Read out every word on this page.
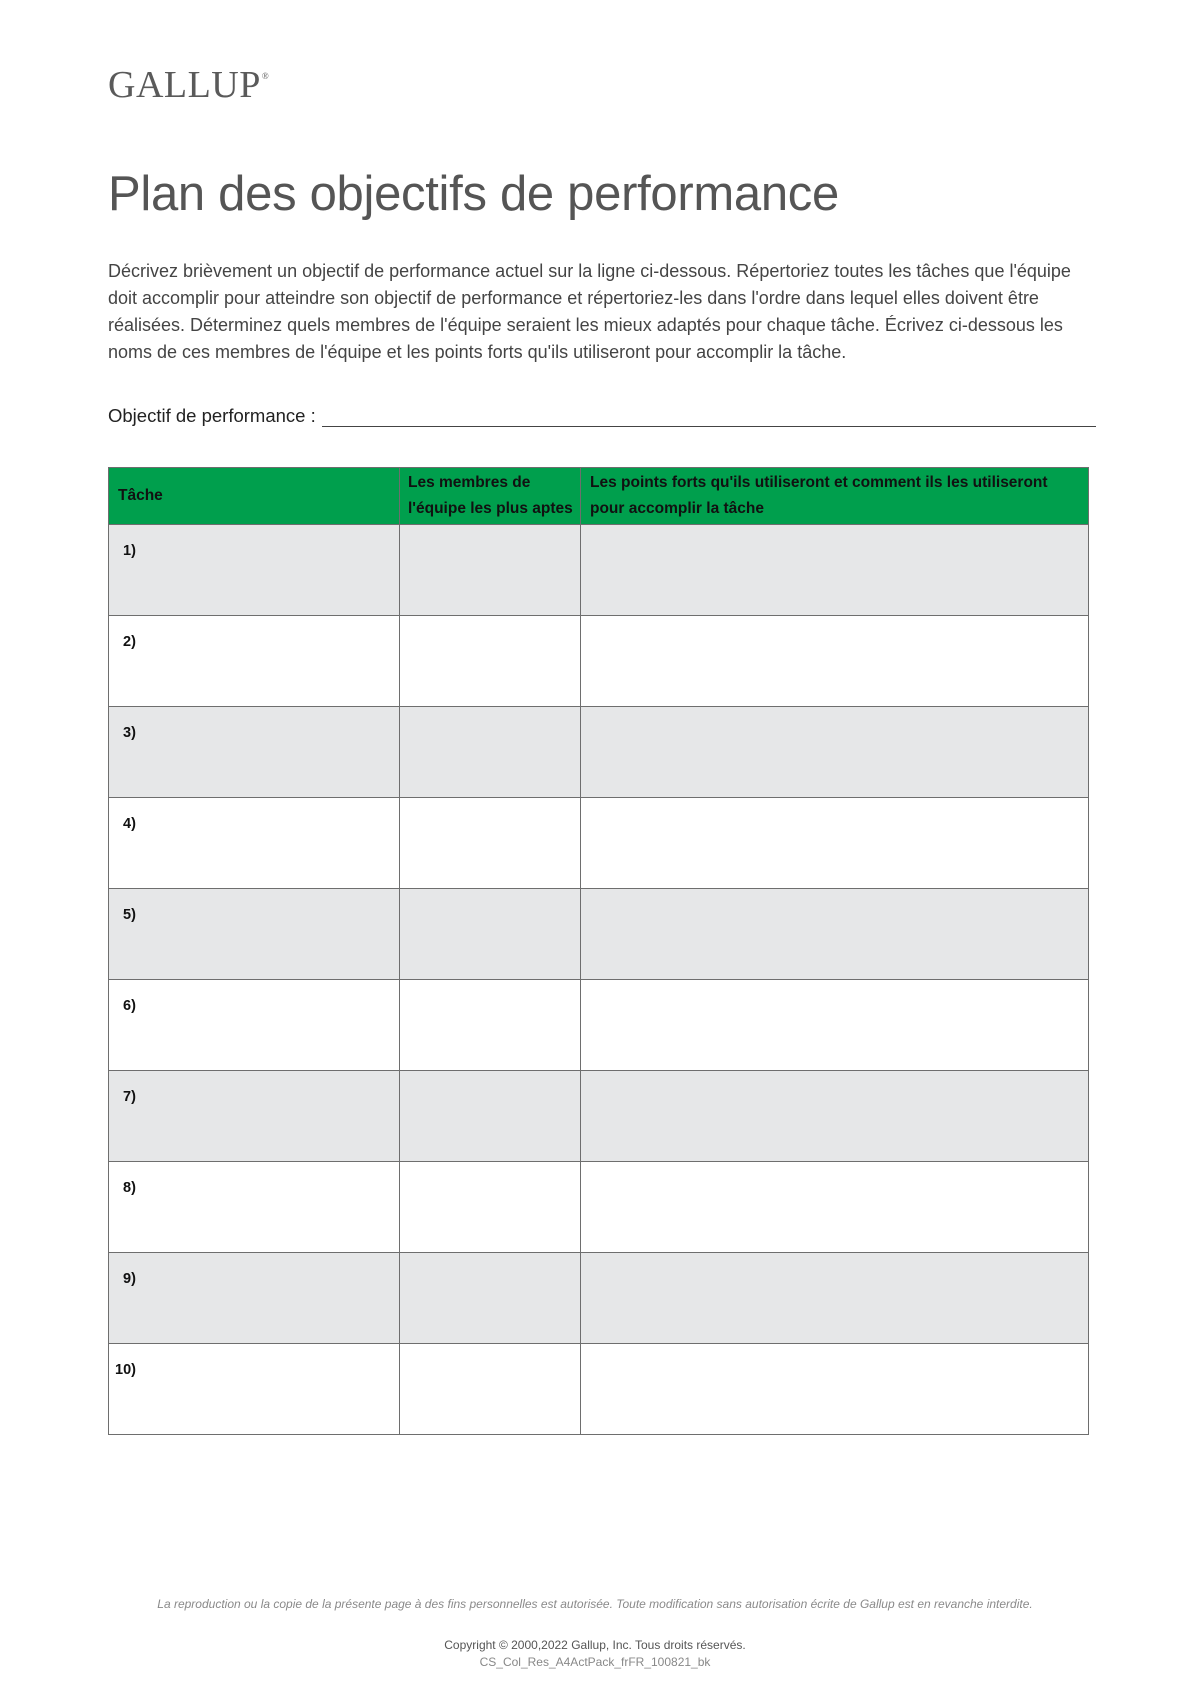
GALLUP®
Plan des objectifs de performance

Décrivez brièvement un objectif de performance actuel sur la ligne ci-dessous. Répertoriez toutes les tâches que l'équipe doit accomplir pour atteindre son objectif de performance et répertoriez-les dans l'ordre dans lequel elles doivent être réalisées. Déterminez quels membres de l'équipe seraient les mieux adaptés pour chaque tâche. Écrivez ci-dessous les noms de ces membres de l'équipe et les points forts qu'ils utiliseront pour accomplir la tâche.

Objectif de performance :
Tâche	Les membres de l'équipe les plus aptes	Les points forts qu'ils utiliseront et comment ils les utiliseront pour accomplir la tâche

1)		

2)		

3)		

4)		

5)		

6)		

7)		

8)		

9)		

10)		

La reproduction ou la copie de la présente page à des fins personnelles est autorisée. Toute modification sans autorisation écrite de Gallup est en revanche interdite.

Copyright © 2000,2022 Gallup, Inc. Tous droits réservés.

CS_Col_Res_A4ActPack_frFR_100821_bk
